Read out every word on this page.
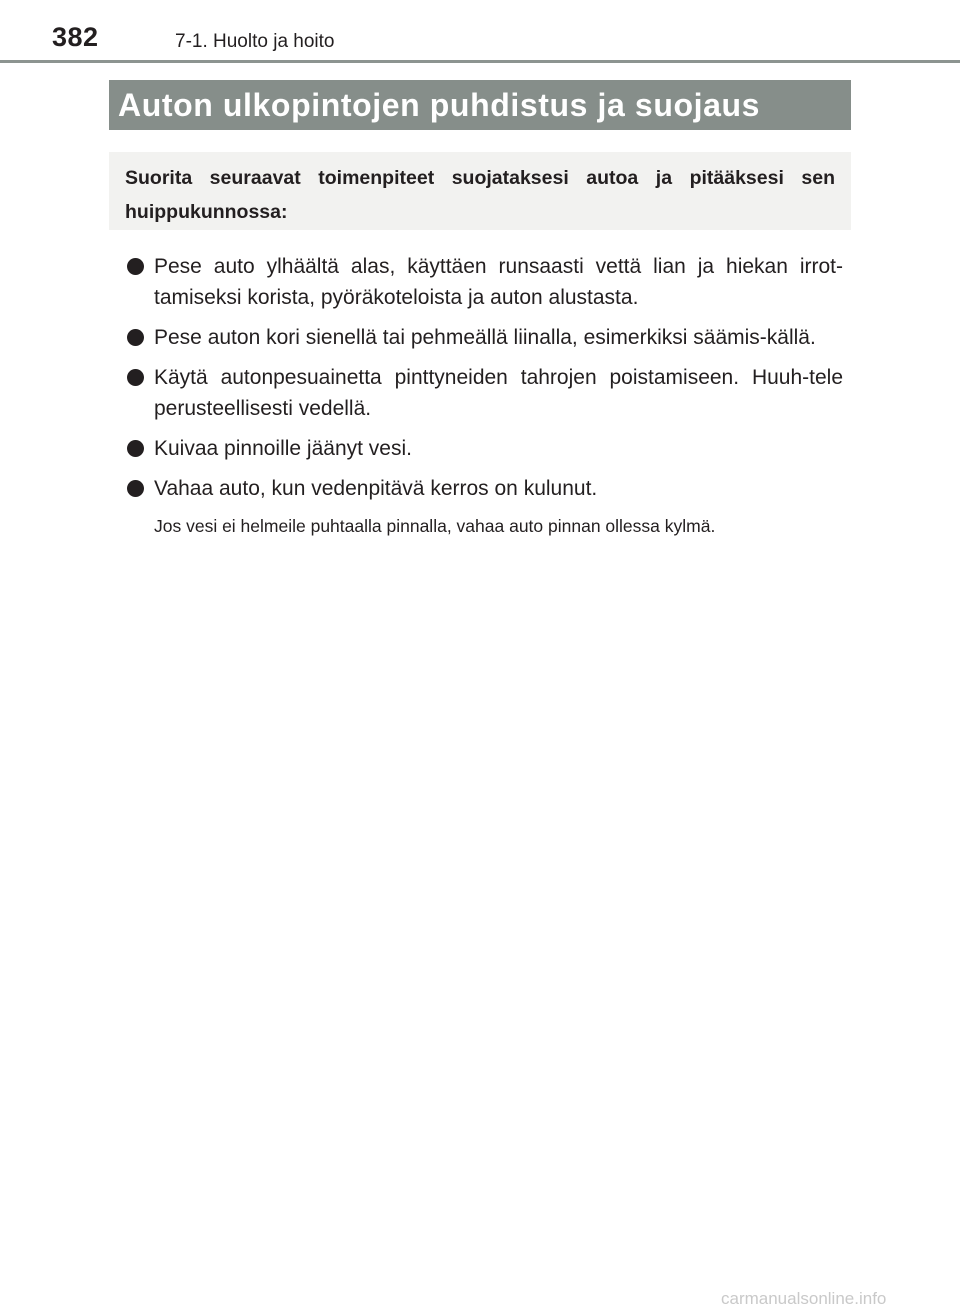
382	7-1. Huolto ja hoito
Auton ulkopintojen puhdistus ja suojaus

Suorita seuraavat toimenpiteet suojataksesi autoa ja pitääksesi sen huippukunnossa:

Pese auto ylhäältä alas, käyttäen runsaasti vettä lian ja hiekan irrot-tamiseksi korista, pyöräkoteloista ja auton alustasta.
Pese auton kori sienellä tai pehmeällä liinalla, esimerkiksi säämis-källä.
Käytä autonpesuainetta pinttyneiden tahrojen poistamiseen. Huuh-tele perusteellisesti vedellä.
Kuivaa pinnoille jäänyt vesi.
Vahaa auto, kun vedenpitävä kerros on kulunut.
Jos vesi ei helmeile puhtaalla pinnalla, vahaa auto pinnan ollessa kylmä.
carmanualsonline.info
